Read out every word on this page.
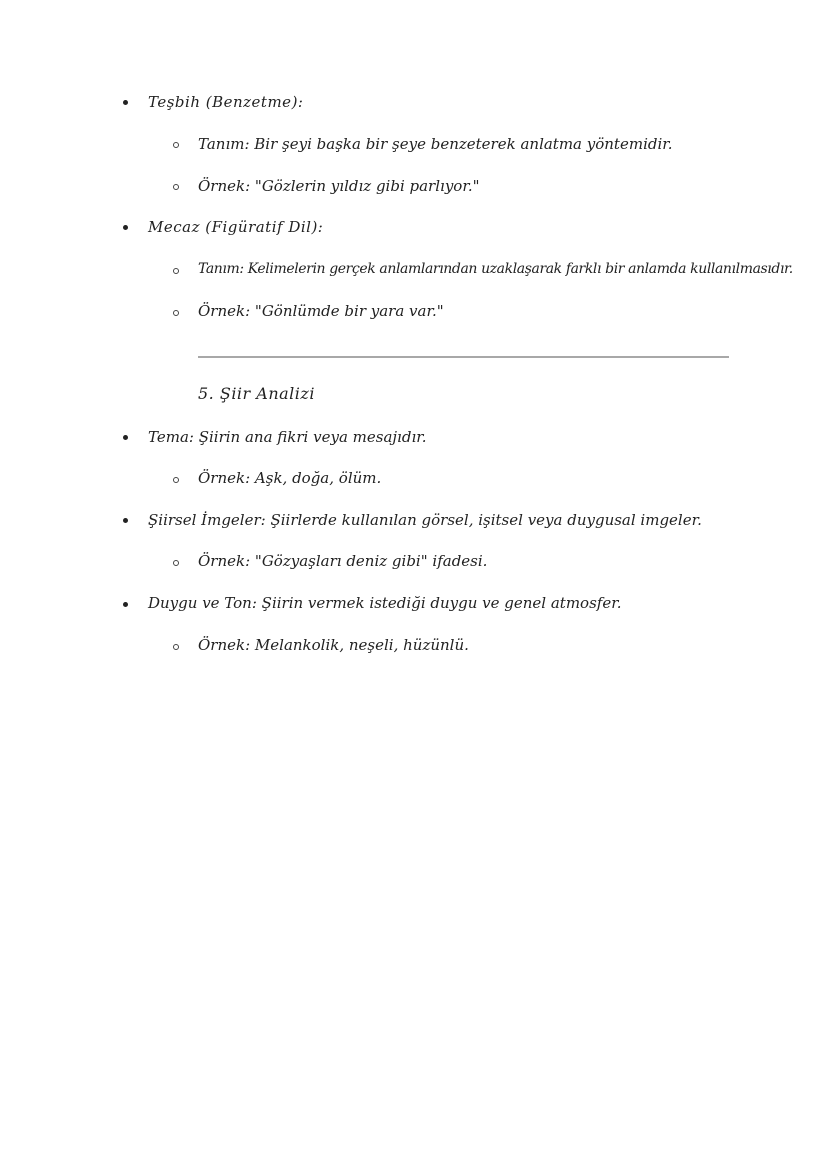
Teşbih (Benzetme):
Tanım: Bir şeyi başka bir şeye benzeterek anlatma yöntemidir.
Örnek: "Gözlerin yıldız gibi parlıyor."
Mecaz (Figüratif Dil):
Tanım: Kelimelerin gerçek anlamlarından uzaklaşarak farklı bir anlamda kullanılmasıdır.
Örnek: "Gönlümde bir yara var."
5. Şiir Analizi
Tema: Şiirin ana fikri veya mesajıdır.
Örnek: Aşk, doğa, ölüm.
Şiirsel İmgeler: Şiirlerde kullanılan görsel, işitsel veya duygusal imgeler.
Örnek: "Gözyaşları deniz gibi" ifadesi.
Duygu ve Ton: Şiirin vermek istediği duygu ve genel atmosfer.
Örnek: Melankolik, neşeli, hüzünlü.
